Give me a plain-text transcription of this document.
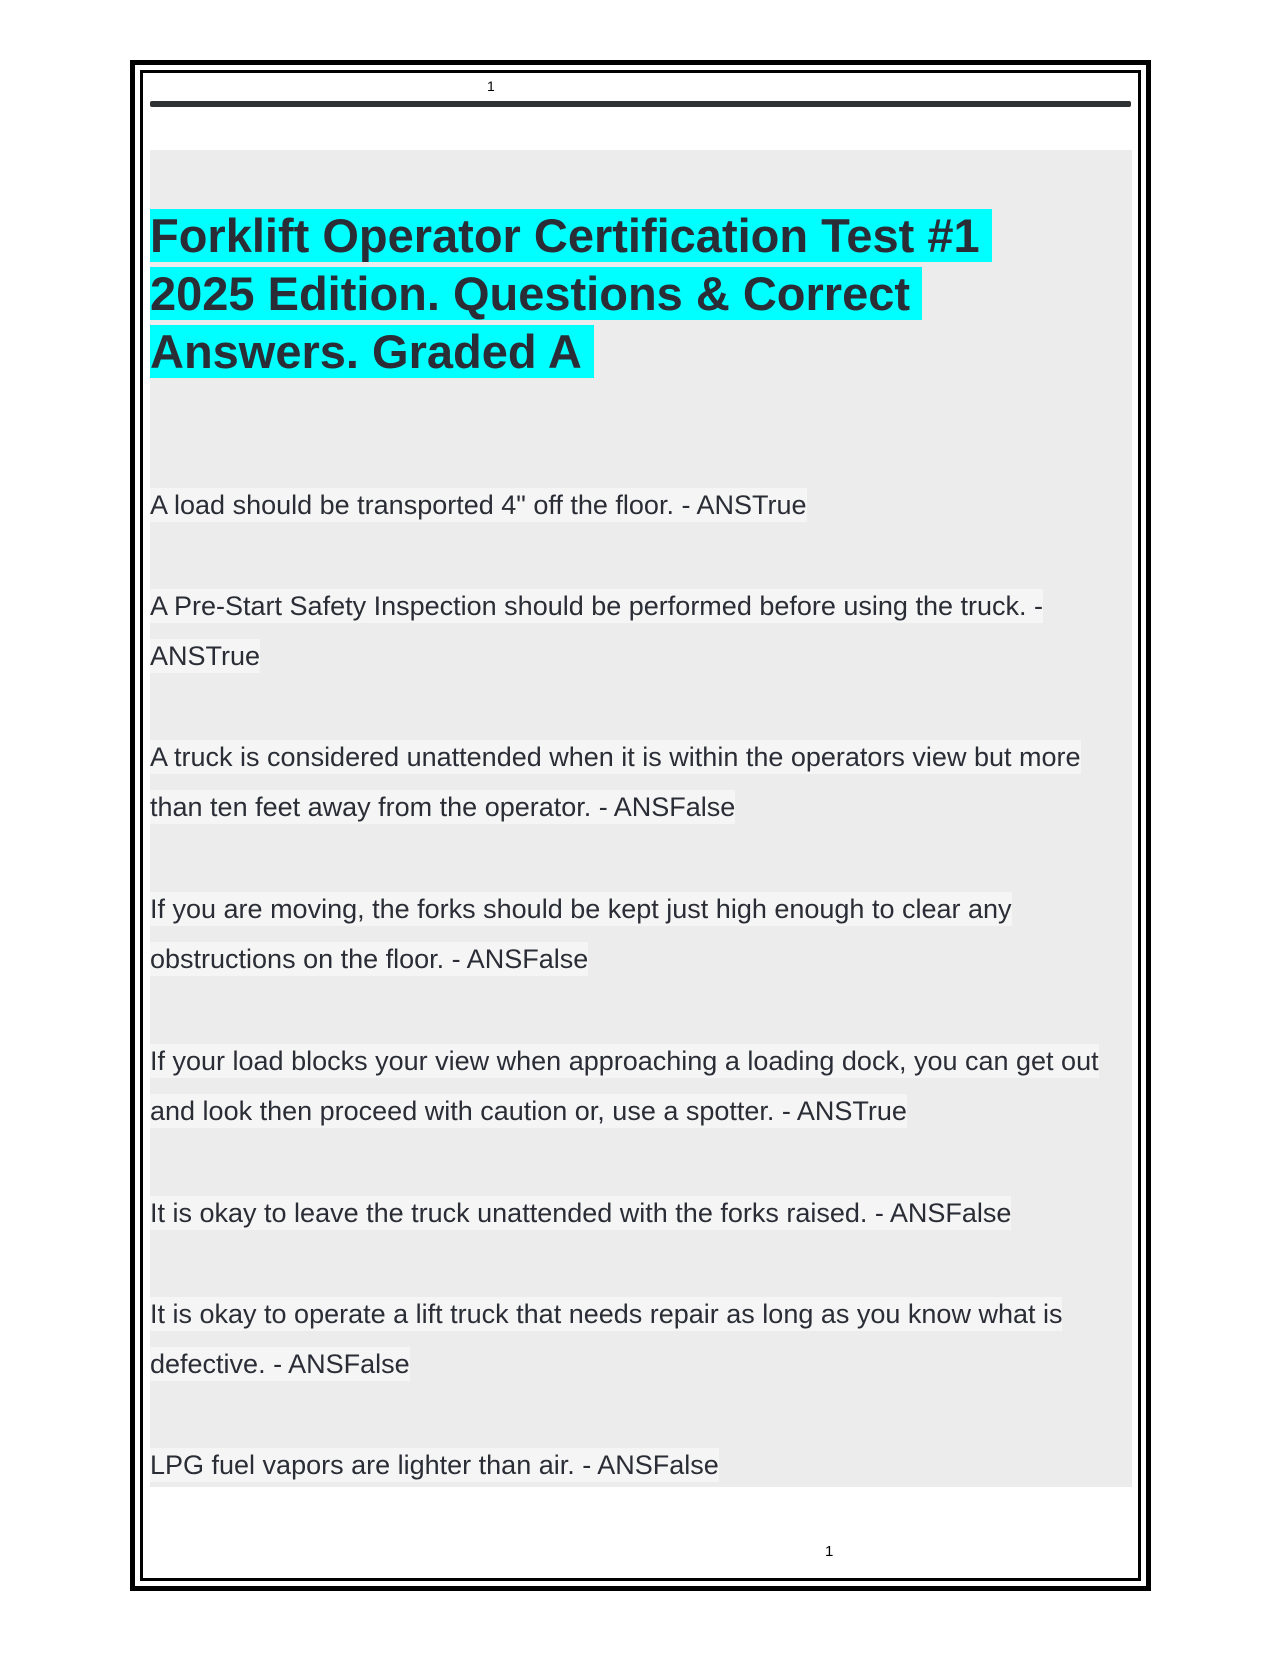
1
Forklift Operator Certification Test #1 2025 Edition. Questions & Correct Answers. Graded A

A load should be transported 4" off the floor. - ANSTrue

A Pre-Start Safety Inspection should be performed before using the truck. - ANSTrue

A truck is considered unattended when it is within the operators view but more than ten feet away from the operator. - ANSFalse

If you are moving, the forks should be kept just high enough to clear any obstructions on the floor. - ANSFalse

If your load blocks your view when approaching a loading dock, you can get out and look then proceed with caution or, use a spotter. - ANSTrue

It is okay to leave the truck unattended with the forks raised. - ANSFalse

It is okay to operate a lift truck that needs repair as long as you know what is defective. - ANSFalse

LPG fuel vapors are lighter than air. - ANSFalse

1
